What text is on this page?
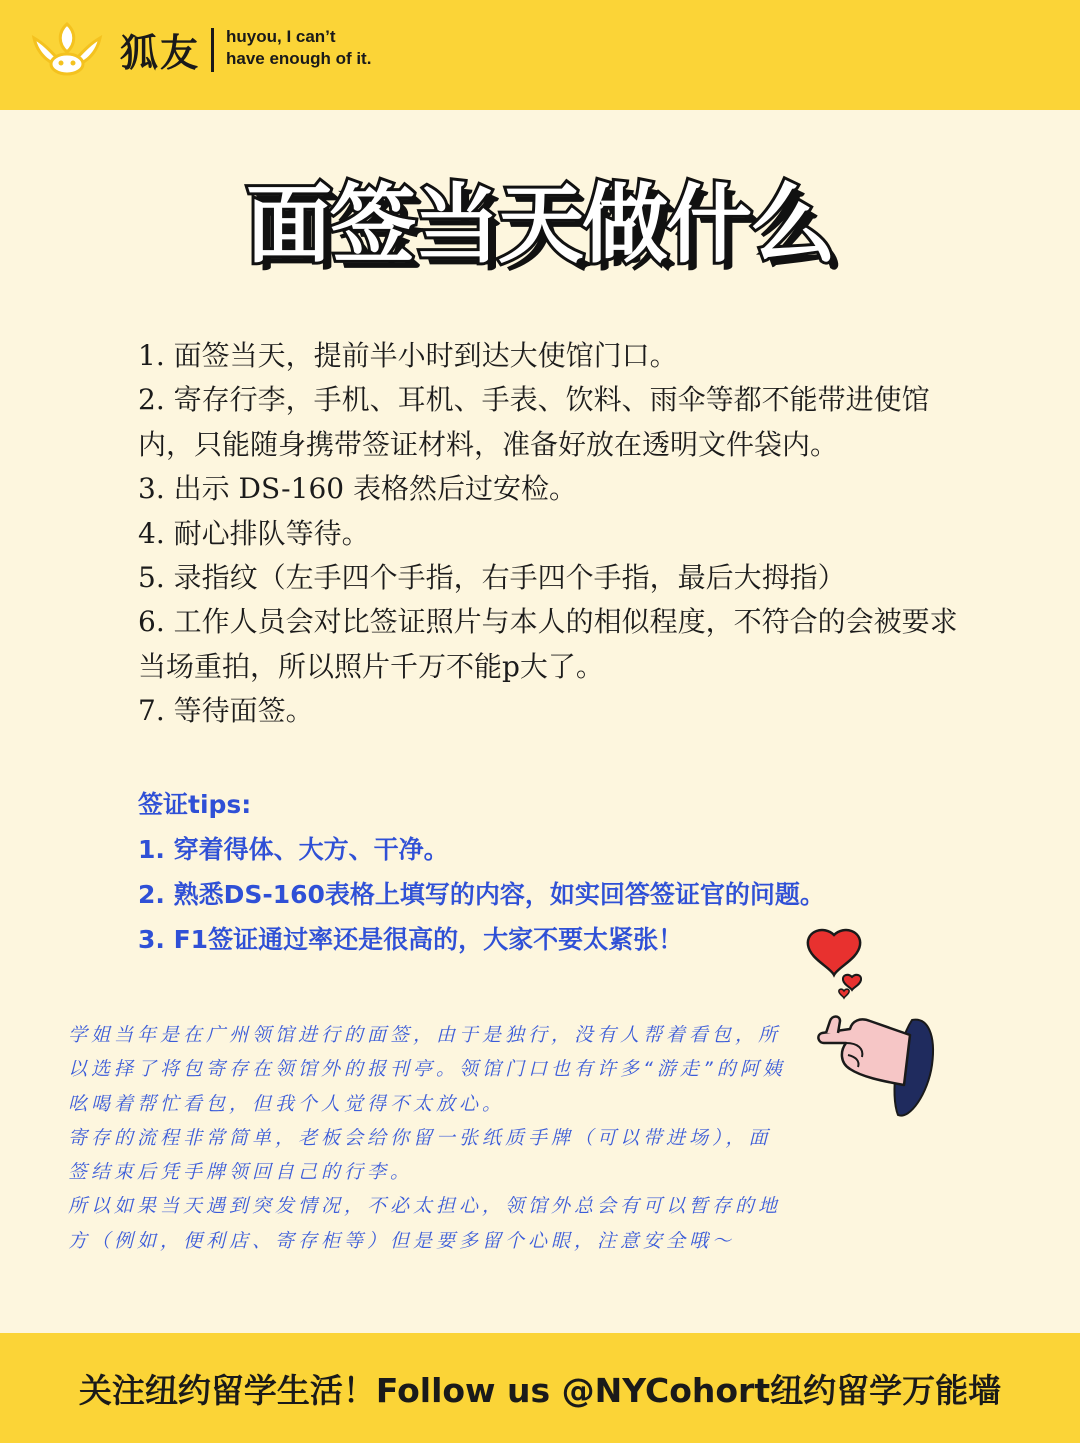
狐友 huyou, I can’t
have enough of it.
面签当天做什么

1. 面签当天，提前半小时到达大使馆门口。

2. 寄存行李，手机、耳机、手表、饮料、雨伞等都不能带进使馆内，只能随身携带签证材料，准备好放在透明文件袋内。

3. 出示 DS-160 表格然后过安检。

4. 耐心排队等待。

5. 录指纹（左手四个手指，右手四个手指，最后大拇指）

6. 工作人员会对比签证照片与本人的相似程度，不符合的会被要求当场重拍，所以照片千万不能p大了。

7. 等待面签。

签证tips:

1. 穿着得体、大方、干净。

2. 熟悉DS-160表格上填写的内容，如实回答签证官的问题。

3. F1签证通过率还是很高的，大家不要太紧张！

学姐当年是在广州领馆进行的面签，由于是独行，没有人帮着看包，所以选择了将包寄存在领馆外的报刊亭。领馆门口也有许多“游走”的阿姨吆喝着帮忙看包，但我个人觉得不太放心。

寄存的流程非常简单，老板会给你留一张纸质手牌（可以带进场），面签结束后凭手牌领回自己的行李。

所以如果当天遇到突发情况，不必太担心，领馆外总会有可以暂存的地方（例如，便利店、寄存柜等）但是要多留个心眼，注意安全哦～

关注纽约留学生活！Follow us @NYCohort纽约留学万能墙
